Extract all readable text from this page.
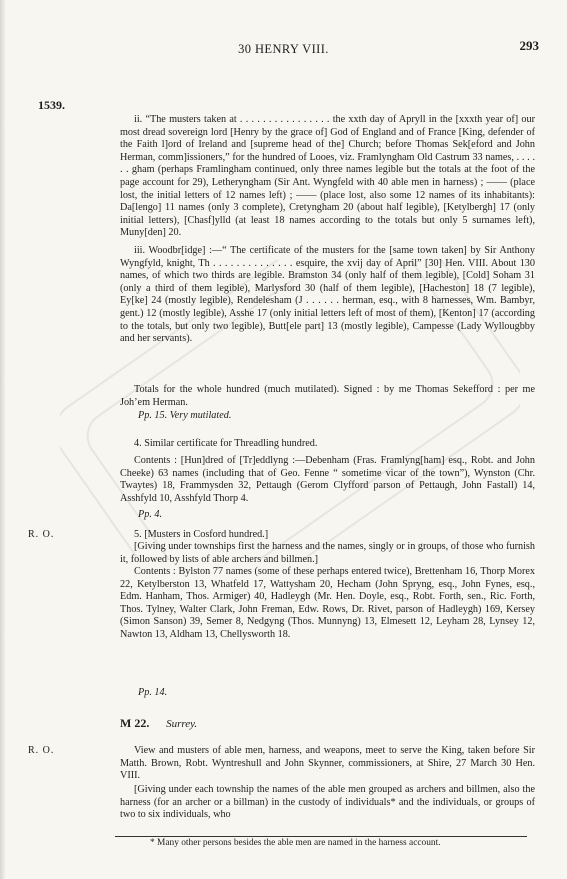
30 HENRY VIII.	293
1539.

ii. “The musters taken at . . . . . . . . . . . . . . . . the xxth day of Apryll in the [xxxth year of] our most dread sovereign lord [Henry by the grace of] God of England and of France [King, defender of the Faith l]ord of Ireland and [supreme head of the] Church; before Thomas Sek[eford and John Herman, comm]issioners,” for the hundred of Looes, viz. Framlyngham Old Castrum 33 names, . . . . . . gham (perhaps Framlingham continued, only three names legible but the totals at the foot of the page account for 29), Letheryngham (Sir Ant. Wyngfeld with 40 able men in harness) ; —— (place lost, the initial letters of 12 names left) ; —— (place lost, also some 12 names of its inhabitants): Da[lengo] 11 names (only 3 complete), Cretyngham 20 (about half legible), [Ketylbergh] 17 (only initial letters), [Chasf]ylld (at least 18 names according to the totals but only 5 surnames left), Muny[den] 20.

iii. Woodbr[idge] :—“ The certificate of the musters for the [same town taken] by Sir Anthony Wyngfyld, knight, Th . . . . . . . . . . . . . . esquire, the xvij day of April” [30] Hen. VIII. About 130 names, of which two thirds are legible. Bramston 34 (only half of them legible), [Cold] Soham 31 (only a third of them legible), Marlysford 30 (half of them legible), [Hacheston] 18 (7 legible), Ey[ke] 24 (mostly legible), Rendelesham (J . . . . . . herman, esq., with 8 harnesses, Wm. Bambyr, gent.) 12 (mostly legible), Asshe 17 (only initial letters left of most of them), [Kenton] 17 (according to the totals, but only two legible), Butt[ele part] 13 (mostly legible), Campesse (Lady Wyllougbby and her servants).

Totals for the whole hundred (much mutilated). Signed : by me Thomas Sekefford : per me Joh’em Herman.

Pp. 15. Very mutilated.

4. Similar certificate for Threadling hundred.

Contents : [Hun]dred of [Tr]eddlyng :—Debenham (Fras. Framlyng[ham] esq., Robt. and John Cheeke) 63 names (including that of Geo. Fenne “ sometime vicar of the town”), Wynston (Chr. Twaytes) 18, Frammysden 32, Pettaugh (Gerom Clyfford parson of Pettaugh, John Fastall) 14, Asshfyld 10, Asshfyld Thorp 4.

Pp. 4.
R. O.	5. [Musters in Cosford hundred.]

[Giving under townships first the harness and the names, singly or in groups, of those who furnish it, followed by lists of able archers and billmen.]

Contents : Bylston 77 names (some of these perhaps entered twice), Brettenham 16, Thorp Morex 22, Ketylberston 13, Whatfeld 17, Wattysham 20, Hecham (John Spryng, esq., John Fynes, esq., Edm. Hanham, Thos. Armiger) 40, Hadleygh (Mr. Hen. Doyle, esq., Robt. Forth, sen., Ric. Forth, Thos. Tylney, Walter Clark, John Freman, Edw. Rows, Dr. Rivet, parson of Hadleygh) 169, Kersey (Simon Sanson) 39, Semer 8, Nedgyng (Thos. Munnyng) 13, Elmesett 12, Leyham 28, Lynsey 12, Nawton 13, Aldham 13, Chellysworth 18.

Pp. 14.
M 22. Surrey.
R. O.	View and musters of able men, harness, and weapons, meet to serve the King, taken before Sir Matth. Brown, Robt. Wyntreshull and John Skynner, commissioners, at Shire, 27 March 30 Hen. VIII.

[Giving under each township the names of the able men grouped as archers and billmen, also the harness (for an archer or a billman) in the custody of individuals* and the individuals, or groups of two to six individuals, who

* Many other persons besides the able men are named in the harness account.
